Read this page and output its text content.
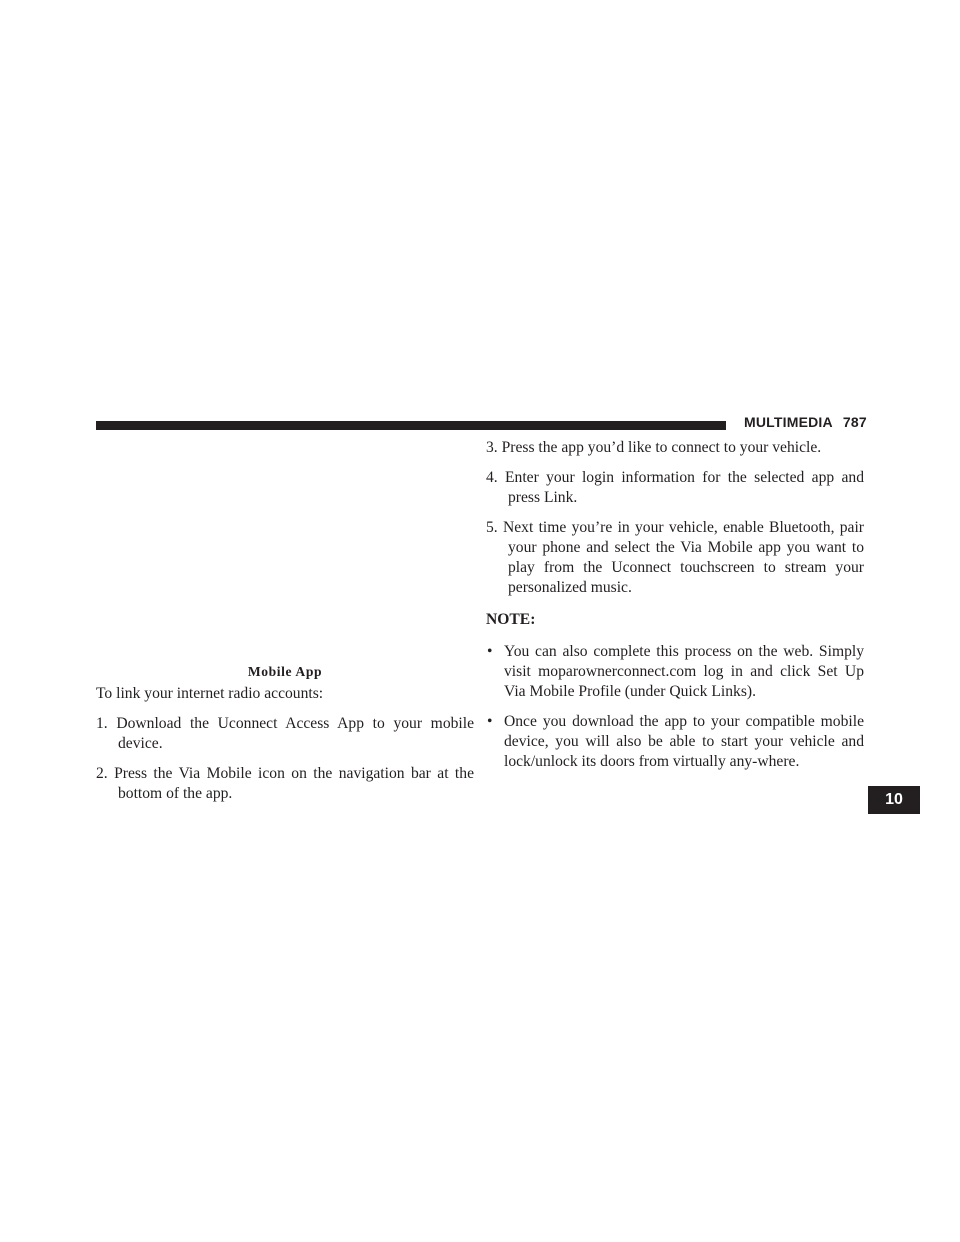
MULTIMEDIA 787
Mobile App

To link your internet radio accounts:

1. Download the Uconnect Access App to your mobile device.
2. Press the Via Mobile icon on the navigation bar at the bottom of the app.
3. Press the app you’d like to connect to your vehicle.
4. Enter your login information for the selected app and press Link.
5. Next time you’re in your vehicle, enable Bluetooth, pair your phone and select the Via Mobile app you want to play from the Uconnect touchscreen to stream your personalized music.
NOTE:
• You can also complete this process on the web. Simply visit moparownerconnect.com log in and click Set Up Via Mobile Profile (under Quick Links).
• Once you download the app to your compatible mobile device, you will also be able to start your vehicle and lock/unlock its doors from virtually any-where.
10
